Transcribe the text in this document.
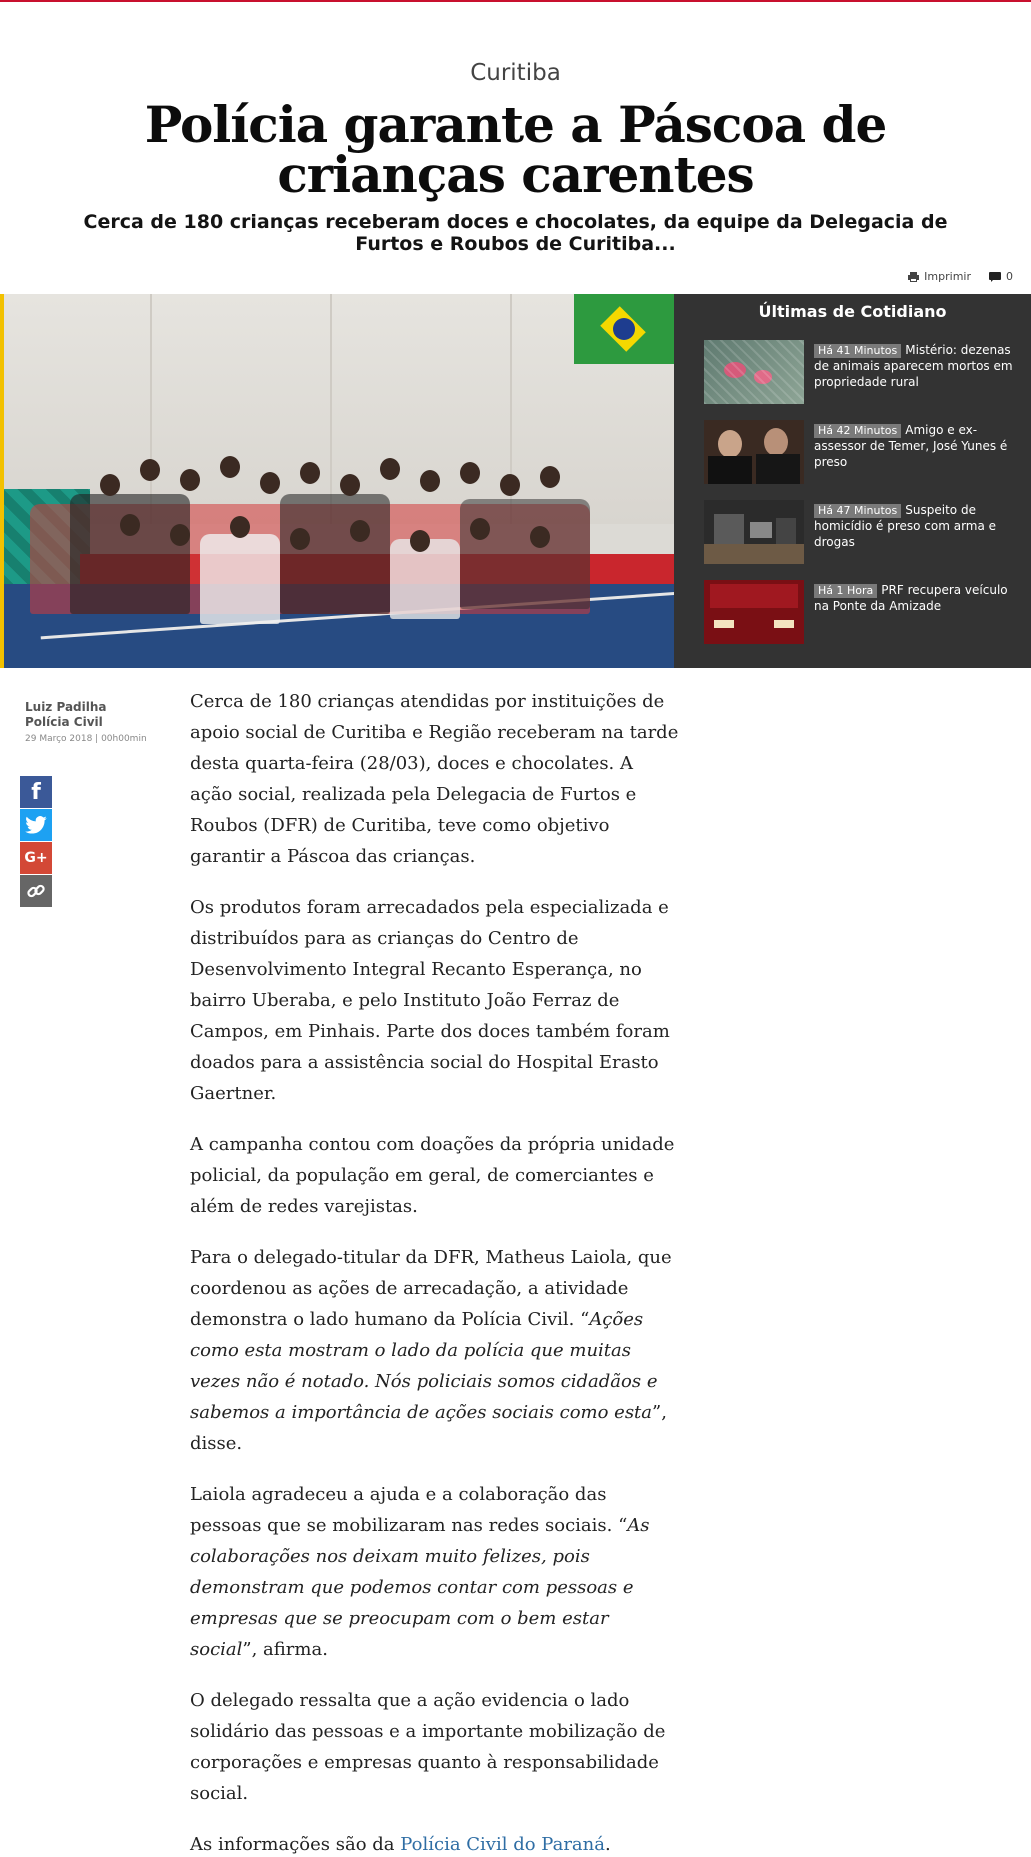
Curitiba
Polícia garante a Páscoa de crianças carentes
Cerca de 180 crianças receberam doces e chocolates, da equipe da Delegacia de Furtos e Roubos de Curitiba...
Imprimir	0
Últimas de Cotidiano
Há 41 Minutos Mistério: dezenas de animais aparecem mortos em propriedade rural
Há 42 Minutos Amigo e ex-assessor de Temer, José Yunes é preso
Há 47 Minutos Suspeito de homicídio é preso com arma e drogas
Há 1 Hora PRF recupera veículo na Ponte da Amizade
Luiz Padilha
Polícia Civil
29 Março 2018 | 00h00min
f
G+

Cerca de 180 crianças atendidas por instituições de apoio social de Curitiba e Região receberam na tarde desta quarta-feira (28/03), doces e chocolates. A ação social, realizada pela Delegacia de Furtos e Roubos (DFR) de Curitiba, teve como objetivo garantir a Páscoa das crianças.

Os produtos foram arrecadados pela especializada e distribuídos para as crianças do Centro de Desenvolvimento Integral Recanto Esperança, no bairro Uberaba, e pelo Instituto João Ferraz de Campos, em Pinhais. Parte dos doces também foram doados para a assistência social do Hospital Erasto Gaertner.

A campanha contou com doações da própria unidade policial, da população em geral, de comerciantes e além de redes varejistas.

Para o delegado-titular da DFR, Matheus Laiola, que coordenou as ações de arrecadação, a atividade demonstra o lado humano da Polícia Civil. “Ações como esta mostram o lado da polícia que muitas vezes não é notado. Nós policiais somos cidadãos e sabemos a importância de ações sociais como esta”, disse.

Laiola agradeceu a ajuda e a colaboração das pessoas que se mobilizaram nas redes sociais. “As colaborações nos deixam muito felizes, pois demonstram que podemos contar com pessoas e empresas que se preocupam com o bem estar social”, afirma.

O delegado ressalta que a ação evidencia o lado solidário das pessoas e a importante mobilização de corporações e empresas quanto à responsabilidade social.

As informações são da Polícia Civil do Paraná.
